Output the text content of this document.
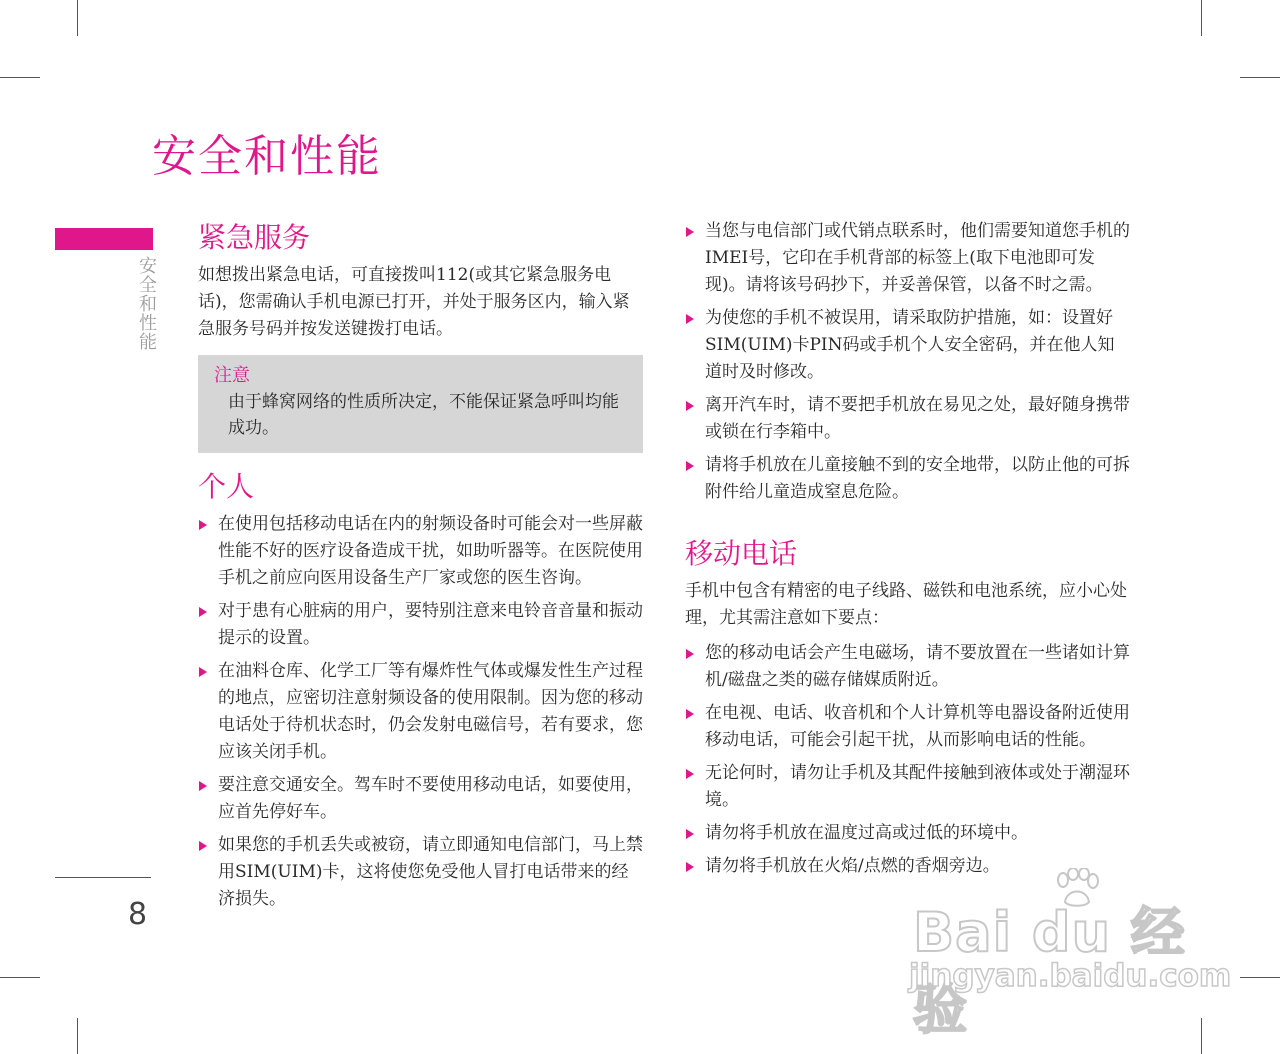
安全和性能
安全和性能
8
紧急服务

如想拨出紧急电话，可直接拨叫112(或其它紧急服务电话)，您需确认手机电源已打开，并处于服务区内，输入紧急服务号码并按发送键拨打电话。

注意
由于蜂窝网络的性质所决定，不能保证紧急呼叫均能成功。
个人
在使用包括移动电话在内的射频设备时可能会对一些屏蔽性能不好的医疗设备造成干扰，如助听器等。在医院使用手机之前应向医用设备生产厂家或您的医生咨询。
对于患有心脏病的用户，要特别注意来电铃音音量和振动提示的设置。
在油料仓库、化学工厂等有爆炸性气体或爆发性生产过程的地点，应密切注意射频设备的使用限制。因为您的移动电话处于待机状态时，仍会发射电磁信号，若有要求，您应该关闭手机。
要注意交通安全。驾车时不要使用移动电话，如要使用，应首先停好车。
如果您的手机丢失或被窃，请立即通知电信部门，马上禁用SIM(UIM)卡，这将使您免受他人冒打电话带来的经济损失。
当您与电信部门或代销点联系时，他们需要知道您手机的IMEI号，它印在手机背部的标签上(取下电池即可发现)。请将该号码抄下，并妥善保管，以备不时之需。
为使您的手机不被误用，请采取防护措施，如：设置好SIM(UIM)卡PIN码或手机个人安全密码，并在他人知道时及时修改。
离开汽车时，请不要把手机放在易见之处，最好随身携带或锁在行李箱中。
请将手机放在儿童接触不到的安全地带，以防止他的可拆附件给儿童造成窒息危险。
移动电话

手机中包含有精密的电子线路、磁铁和电池系统，应小心处理，尤其需注意如下要点：

您的移动电话会产生电磁场，请不要放置在一些诸如计算机/磁盘之类的磁存储媒质附近。
在电视、电话、收音机和个人计算机等电器设备附近使用移动电话，可能会引起干扰，从而影响电话的性能。
无论何时，请勿让手机及其配件接触到液体或处于潮湿环境。
请勿将手机放在温度过高或过低的环境中。
请勿将手机放在火焰/点燃的香烟旁边。
Bai du 经验
jingyan.baidu.com
